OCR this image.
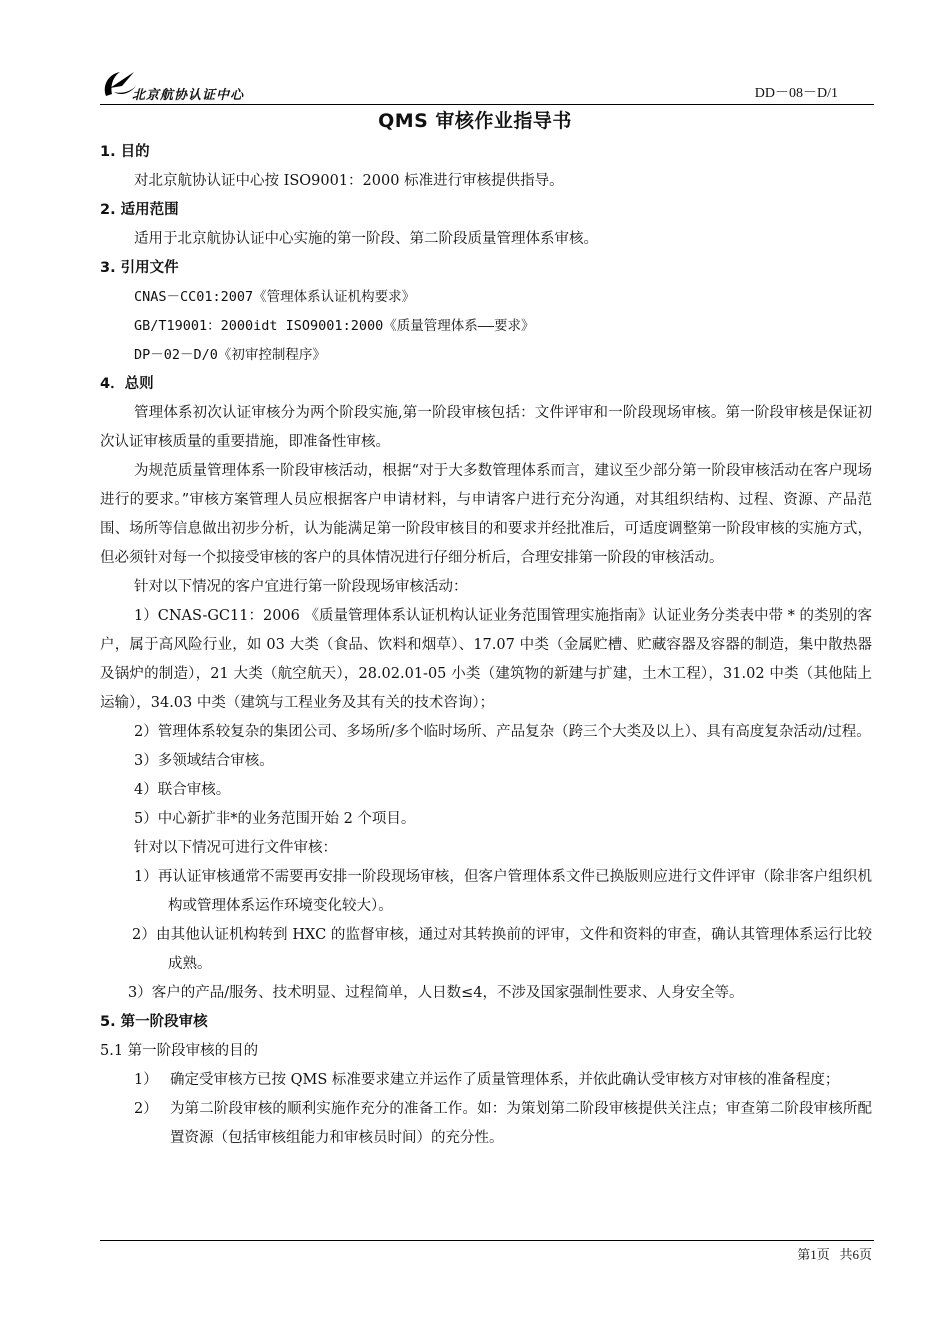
北京航协认证中心	DD－08－D/1
QMS 审核作业指导书

1. 目的

对北京航协认证中心按 ISO9001：2000 标准进行审核提供指导。

2. 适用范围

适用于北京航协认证中心实施的第一阶段、第二阶段质量管理体系审核。

3. 引用文件

CNAS－CC01:2007《管理体系认证机构要求》

GB/T19001：2000idt ISO9001:2000《质量管理体系——要求》

DP－02－D/0《初审控制程序》

4．总则

管理体系初次认证审核分为两个阶段实施,第一阶段审核包括：文件评审和一阶段现场审核。第一阶段审核是保证初次认证审核质量的重要措施，即准备性审核。

为规范质量管理体系一阶段审核活动，根据“对于大多数管理体系而言，建议至少部分第一阶段审核活动在客户现场进行的要求。”审核方案管理人员应根据客户申请材料，与申请客户进行充分沟通，对其组织结构、过程、资源、产品范围、场所等信息做出初步分析，认为能满足第一阶段审核目的和要求并经批准后，可适度调整第一阶段审核的实施方式，但必须针对每一个拟接受审核的客户的具体情况进行仔细分析后，合理安排第一阶段的审核活动。

针对以下情况的客户宜进行第一阶段现场审核活动：

1）CNAS-GC11：2006 《质量管理体系认证机构认证业务范围管理实施指南》认证业务分类表中带 * 的类别的客户，属于高风险行业，如 03 大类（食品、饮料和烟草）、17.07 中类（金属贮槽、贮藏容器及容器的制造，集中散热器及锅炉的制造），21 大类（航空航天），28.02.01-05 小类（建筑物的新建与扩建，土木工程），31.02 中类（其他陆上运输），34.03 中类（建筑与工程业务及其有关的技术咨询）；

2）管理体系较复杂的集团公司、多场所/多个临时场所、产品复杂（跨三个大类及以上）、具有高度复杂活动/过程。

3）多领域结合审核。

4）联合审核。

5）中心新扩非*的业务范围开始 2 个项目。

针对以下情况可进行文件审核：

1）再认证审核通常不需要再安排一阶段现场审核，但客户管理体系文件已换版则应进行文件评审（除非客户组织机构或管理体系运作环境变化较大）。

2）由其他认证机构转到 HXC 的监督审核，通过对其转换前的评审，文件和资料的审查，确认其管理体系运行比较成熟。

3）客户的产品/服务、技术明显、过程简单，人日数≤4，不涉及国家强制性要求、人身安全等。

5. 第一阶段审核

5.1 第一阶段审核的目的

1） 确定受审核方已按 QMS 标准要求建立并运作了质量管理体系，并依此确认受审核方对审核的准备程度；
2） 为第二阶段审核的顺利实施作充分的准备工作。如：为策划第二阶段审核提供关注点；审查第二阶段审核所配置资源（包括审核组能力和审核员时间）的充分性。
第1页 共6页
